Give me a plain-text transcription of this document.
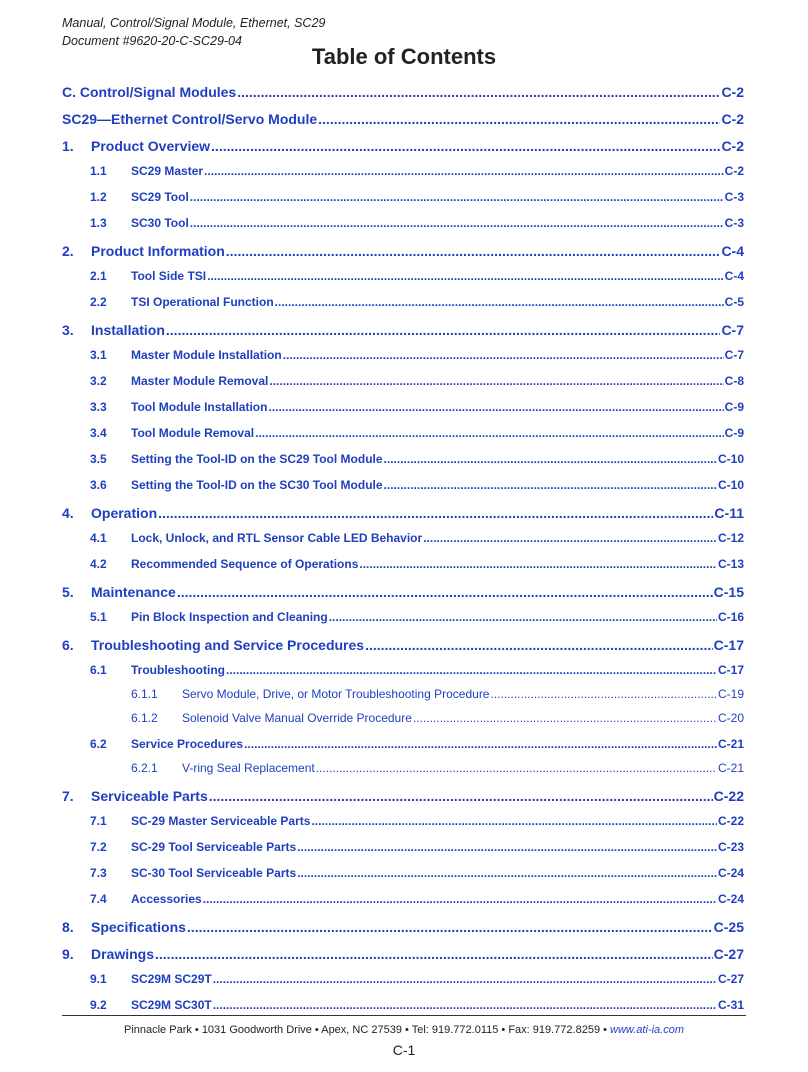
Manual, Control/Signal Module, Ethernet, SC29
Document #9620-20-C-SC29-04
Table of Contents
C. Control/Signal Modules .....	C-2
SC29—Ethernet Control/Servo Module .....	C-2
1.	Product Overview .....	C-2
1.1	SC29 Master .....	C-2
1.2	SC29 Tool .....	C-3
1.3	SC30 Tool .....	C-3
2.	Product Information .....	C-4
2.1	Tool Side TSI .....	C-4
2.2	TSI Operational Function .....	C-5
3.	Installation .....	C-7
3.1	Master Module Installation .....	C-7
3.2	Master Module Removal .....	C-8
3.3	Tool Module Installation .....	C-9
3.4	Tool Module Removal .....	C-9
3.5	Setting the Tool-ID on the SC29 Tool Module .....	C-10
3.6	Setting the Tool-ID on the SC30 Tool Module .....	C-10
4.	Operation .....	C-11
4.1	Lock, Unlock, and RTL Sensor Cable LED Behavior .....	C-12
4.2	Recommended Sequence of Operations .....	C-13
5.	Maintenance .....	C-15
5.1	Pin Block Inspection and Cleaning .....	C-16
6.	Troubleshooting and Service Procedures .....	C-17
6.1	Troubleshooting .....	C-17
6.1.1	Servo Module, Drive, or Motor Troubleshooting Procedure .....	C-19
6.1.2	Solenoid Valve Manual Override Procedure .....	C-20
6.2	Service Procedures .....	C-21
6.2.1	V-ring Seal Replacement .....	C-21
7.	Serviceable Parts .....	C-22
7.1	SC-29 Master Serviceable Parts .....	C-22
7.2	SC-29 Tool Serviceable Parts .....	C-23
7.3	SC-30 Tool Serviceable Parts .....	C-24
7.4	Accessories .....	C-24
8.	Specifications .....	C-25
9.	Drawings .....	C-27
9.1	SC29M SC29T .....	C-27
9.2	SC29M SC30T .....	C-31
Pinnacle Park • 1031 Goodworth Drive • Apex, NC 27539 • Tel: 919.772.0115 • Fax: 919.772.8259 • www.ati-ia.com
C-1
